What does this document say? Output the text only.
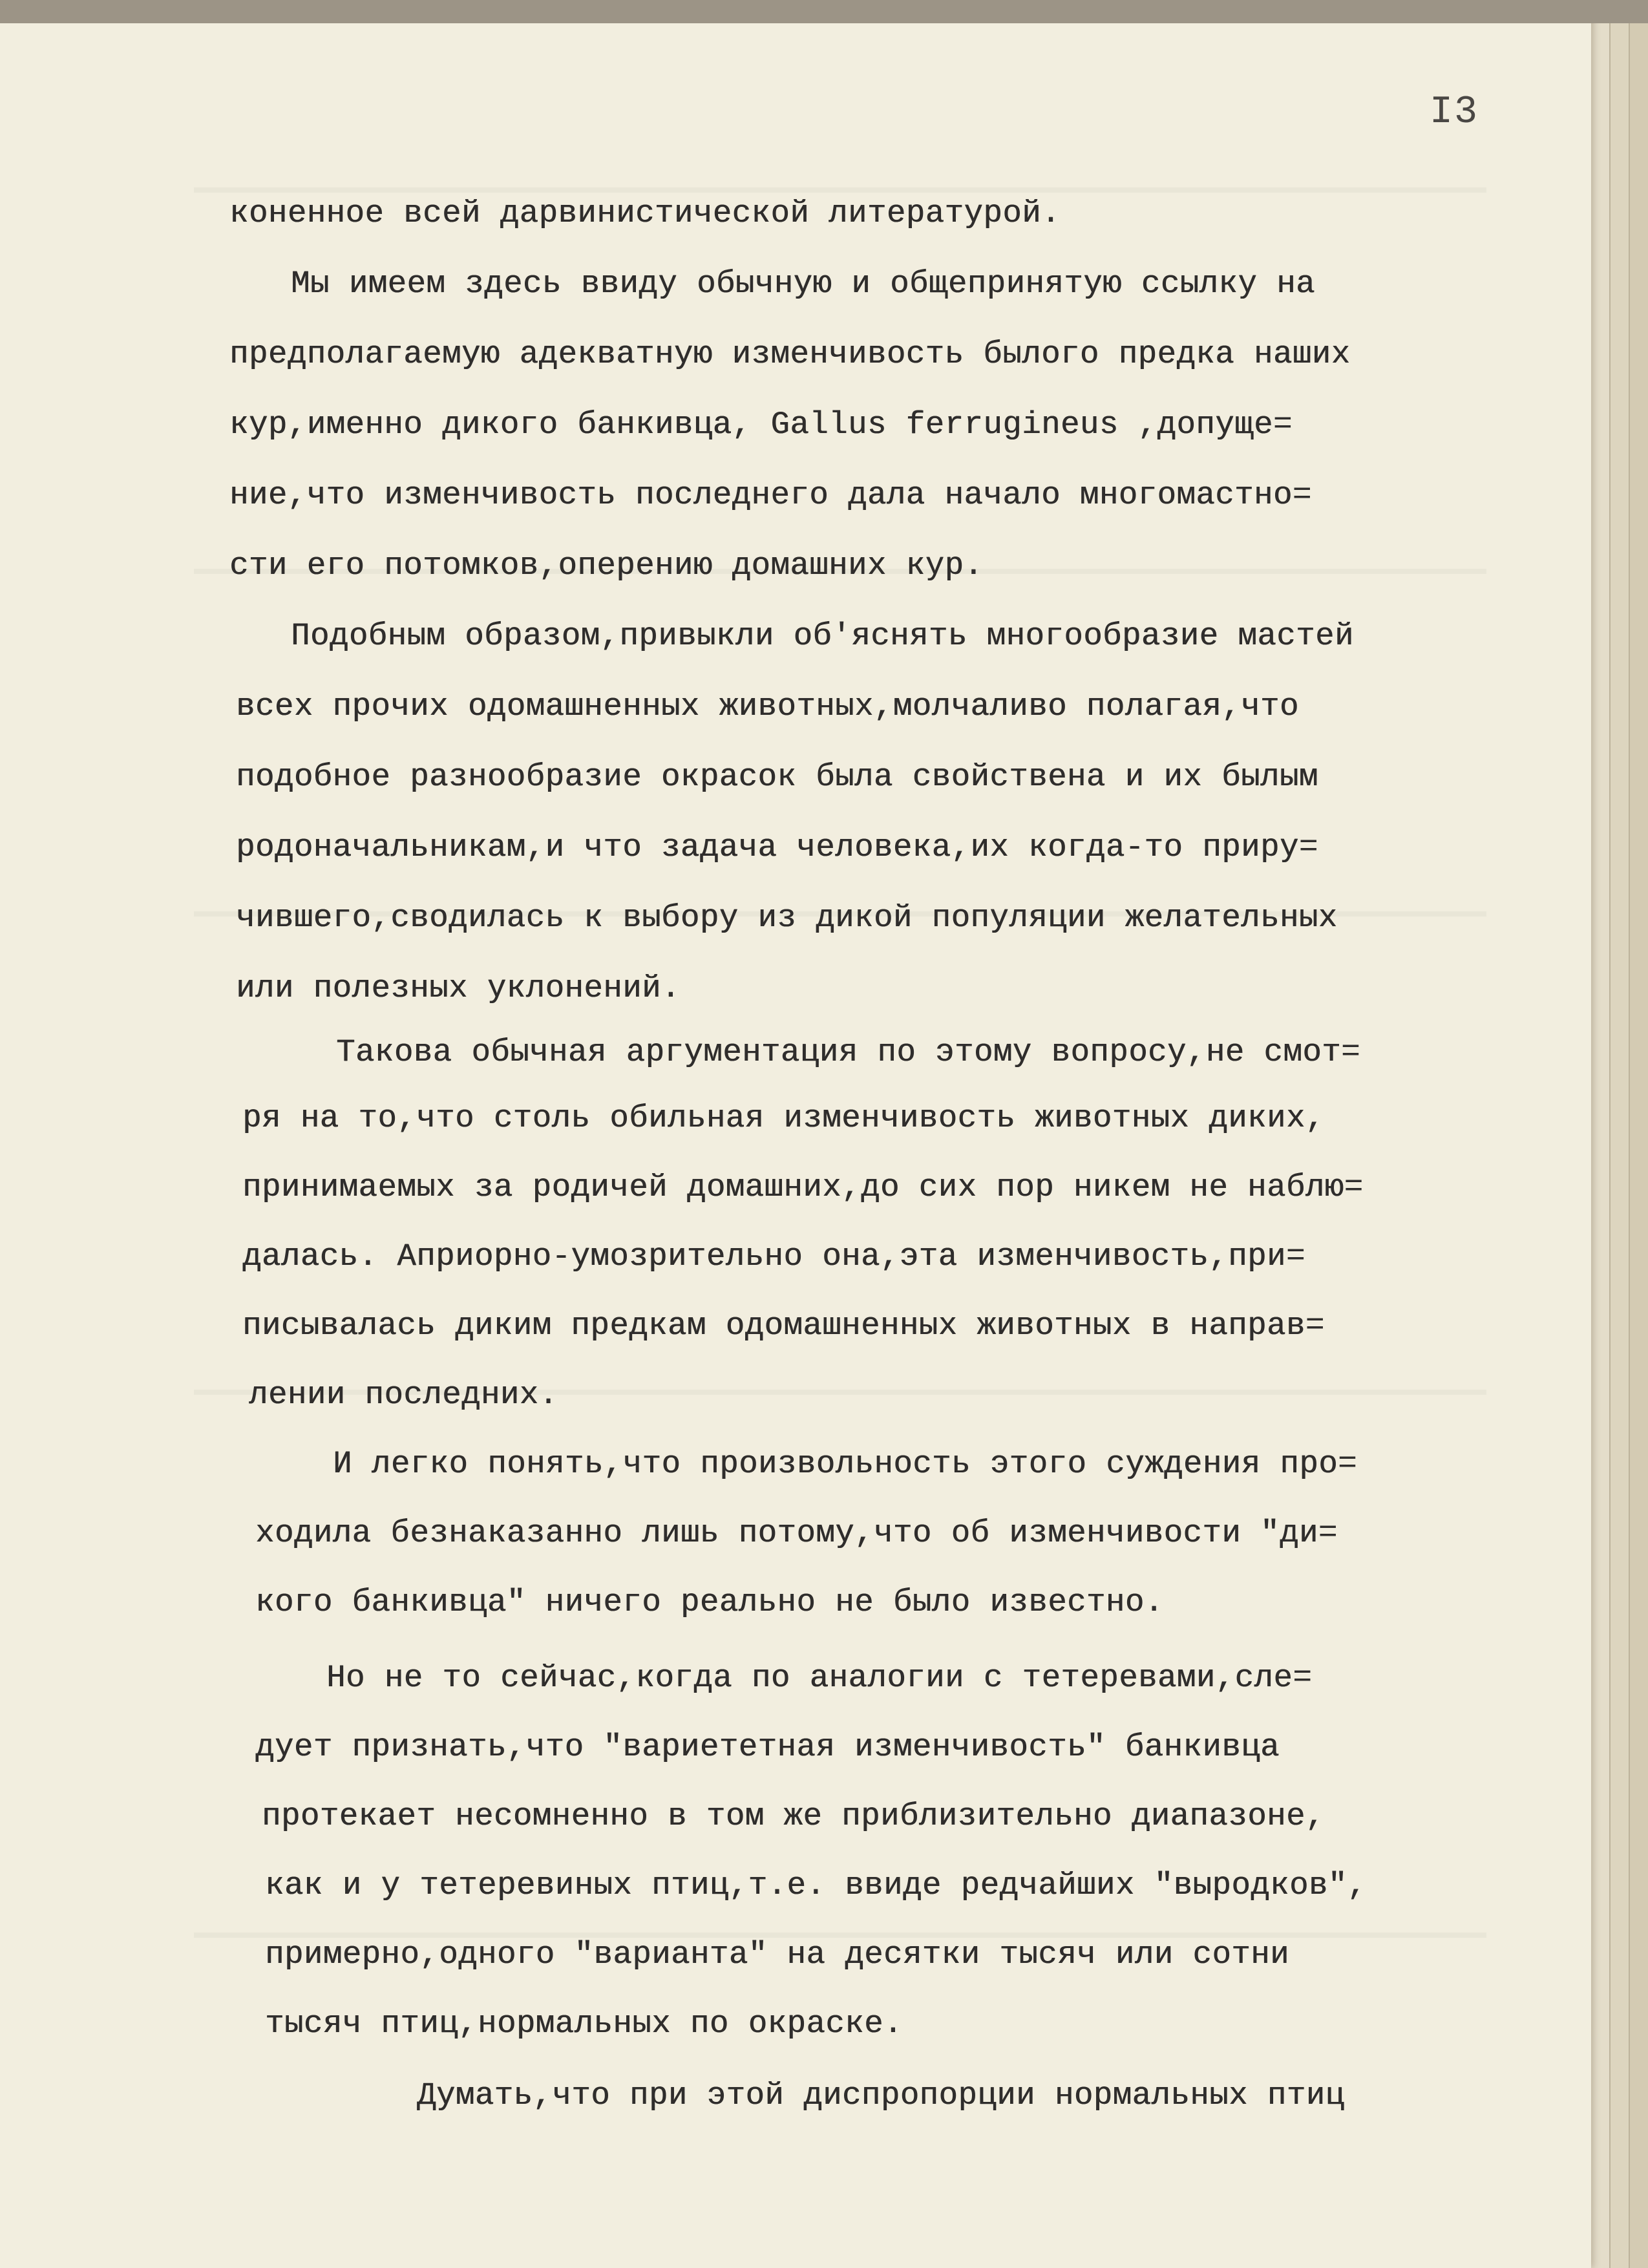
I3
коненное всей дарвинистической литературой.
Мы имеем здесь ввиду обычную и общепринятую ссылку на
предполагаемую адекватную изменчивость былого предка наших
кур,именно дикого банкивца, Gallus ferrugineus ,допуще=
ние,что изменчивость последнего дала начало многомастно=
сти его потомков,оперению домашних кур.
Подобным образом,привыкли об'яснять многообразие мастей
всех прочих одомашненных животных,молчаливо полагая,что
подобное разнообразие окрасок была свойствена и их былым
родоначальникам,и что задача человека,их когда-то приру=
чившего,сводилась к выбору из дикой популяции желательных
или полезных уклонений.
Такова обычная аргументация по этому вопросу,не смот=
ря на то,что столь обильная изменчивость животных диких,
принимаемых за родичей домашних,до сих пор никем не наблю=
далась. Априорно-умозрительно она,эта изменчивость,при=
писывалась диким предкам одомашненных животных в направ=
лении последних.
И легко понять,что произвольность этого суждения про=
ходила безнаказанно лишь потому,что об изменчивости "ди=
кого банкивца" ничего реально не было известно.
Но не то сейчас,когда по аналогии с тетеревами,сле=
дует признать,что "вариететная изменчивость" банкивца
протекает несомненно в том же приблизительно диапазоне,
как и у тетеревиных птиц,т.е. ввиде редчайших "выродков",
примерно,одного "варианта" на десятки тысяч или сотни
тысяч птиц,нормальных по окраске.
Думать,что при этой диспропорции нормальных птиц
